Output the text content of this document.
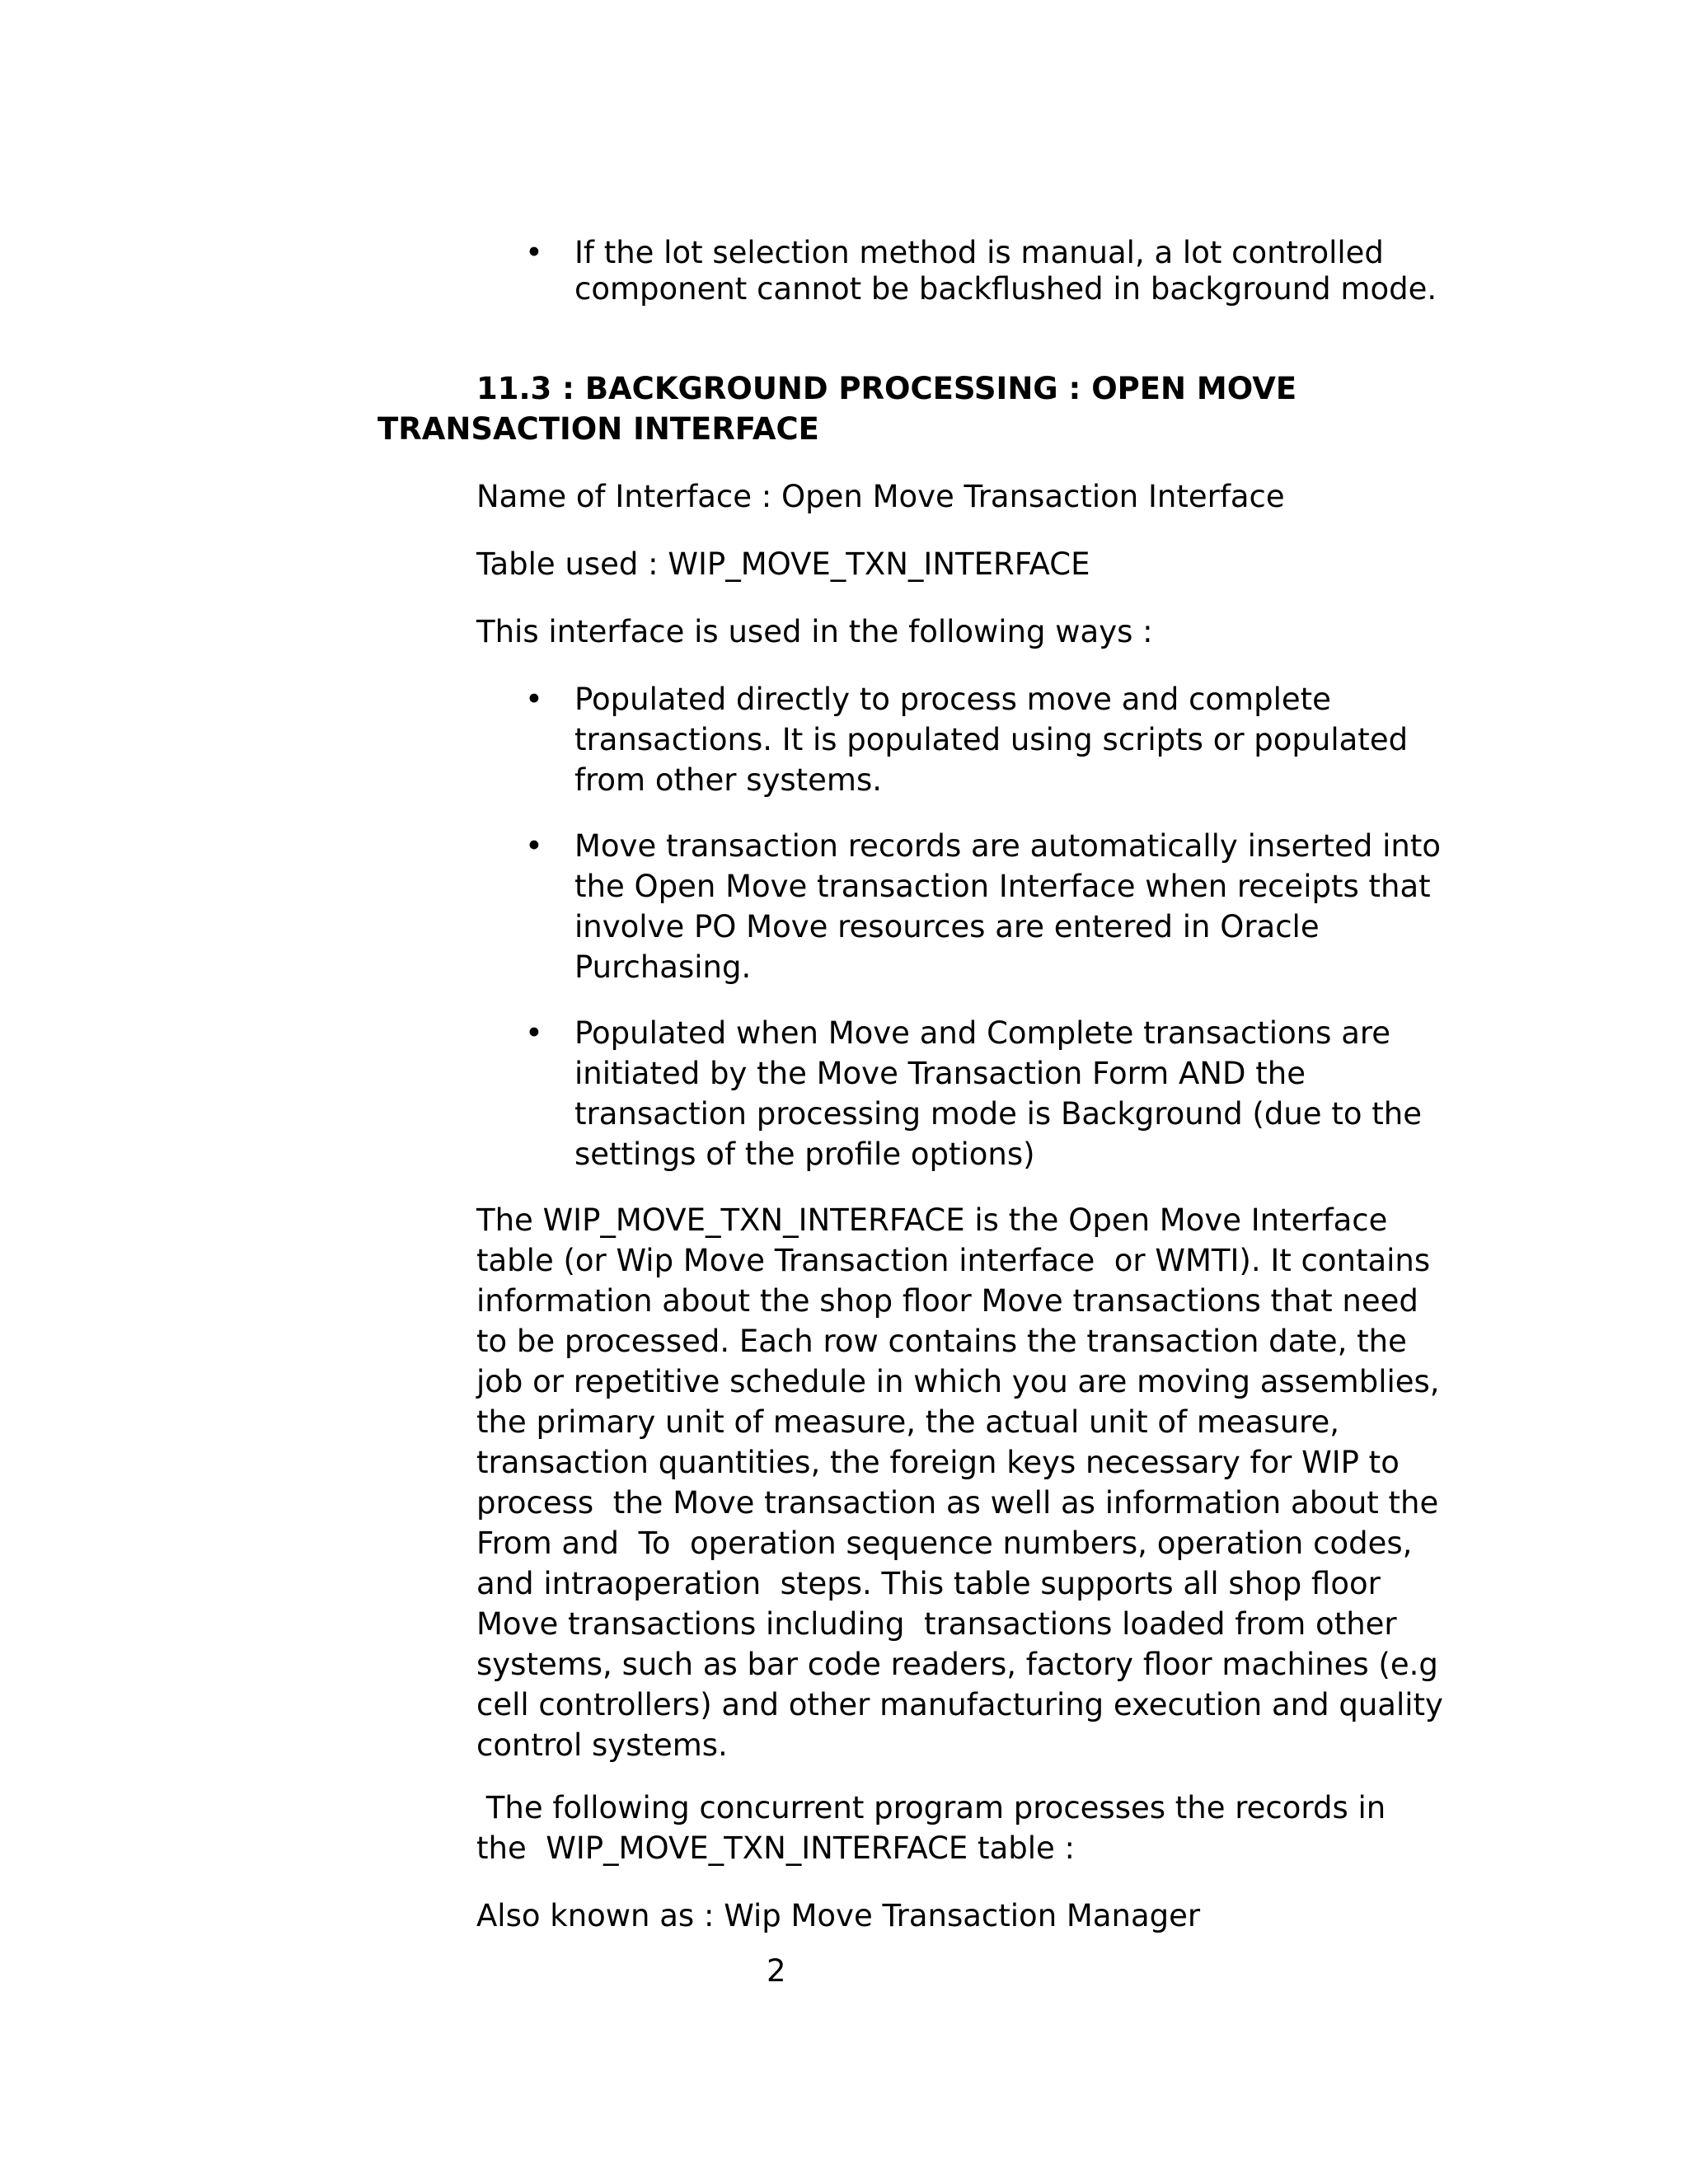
• If the lot selection method is manual, a lot controlled
component cannot be backflushed in background mode.
11.3 : BACKGROUND PROCESSING : OPEN MOVE
TRANSACTION INTERFACE
Name of Interface : Open Move Transaction Interface
Table used : WIP_MOVE_TXN_INTERFACE
This interface is used in the following ways :
• Populated directly to process move and complete
transactions. It is populated using scripts or populated
from other systems.
• Move transaction records are automatically inserted into
the Open Move transaction Interface when receipts that
involve PO Move resources are entered in Oracle
Purchasing.
• Populated when Move and Complete transactions are
initiated by the Move Transaction Form AND the
transaction processing mode is Background (due to the
settings of the profile options)
The WIP_MOVE_TXN_INTERFACE is the Open Move Interface
table (or Wip Move Transaction interface  or WMTI). It contains
information about the shop floor Move transactions that need
to be processed. Each row contains the transaction date, the
job or repetitive schedule in which you are moving assemblies,
the primary unit of measure, the actual unit of measure,
transaction quantities, the foreign keys necessary for WIP to
process  the Move transaction as well as information about the
From and  To  operation sequence numbers, operation codes,
and intraoperation  steps. This table supports all shop floor
Move transactions including  transactions loaded from other
systems, such as bar code readers, factory floor machines (e.g
cell controllers) and other manufacturing execution and quality
control systems.
The following concurrent program processes the records in
the  WIP_MOVE_TXN_INTERFACE table :
Also known as : Wip Move Transaction Manager
2
